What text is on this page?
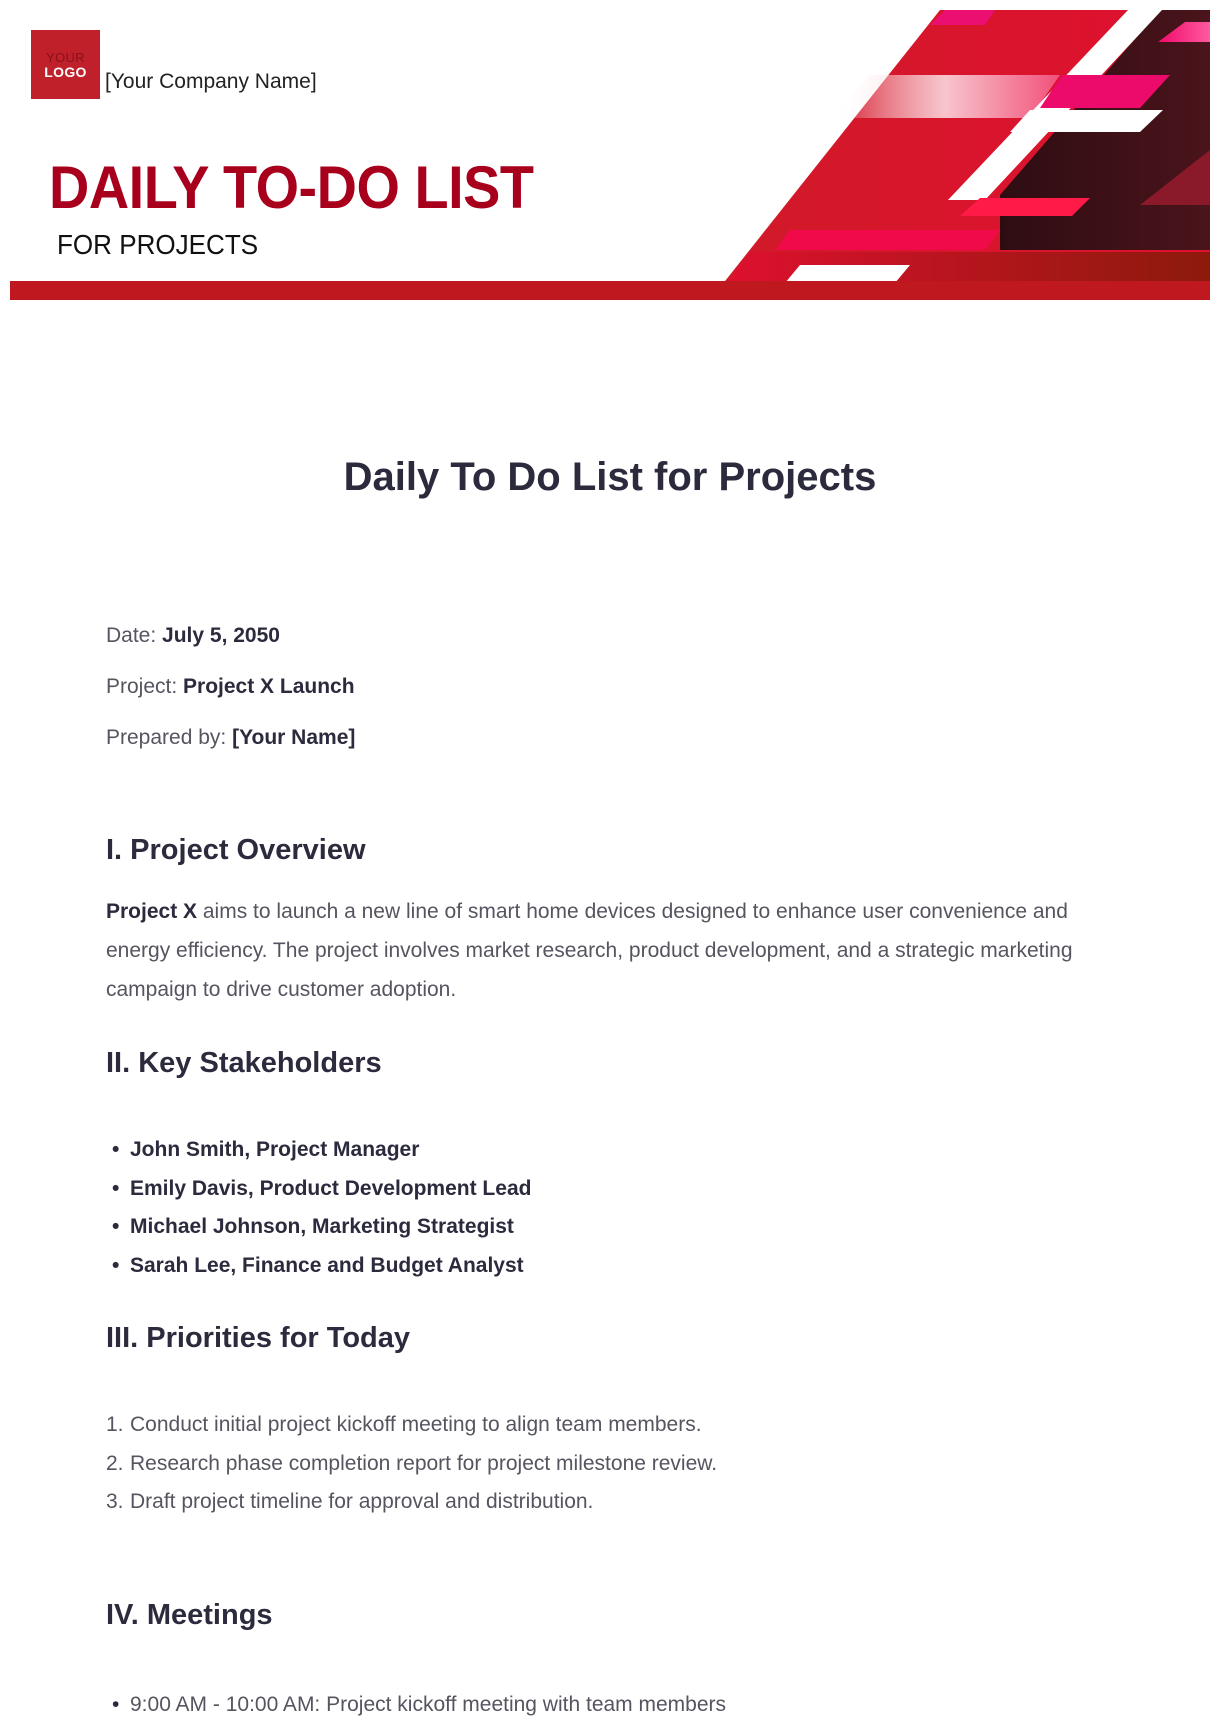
YOUR
LOGO [Your Company Name]
DAILY TO-DO LIST
FOR PROJECTS
Daily To Do List for Projects
Date: July 5, 2050
Project: Project X Launch
Prepared by: [Your Name]
I. Project Overview

Project X aims to launch a new line of smart home devices designed to enhance user convenience and energy efficiency. The project involves market research, product development, and a strategic marketing campaign to drive customer adoption.

II. Key Stakeholders
• John Smith, Project Manager
• Emily Davis, Product Development Lead
• Michael Johnson, Marketing Strategist
• Sarah Lee, Finance and Budget Analyst
III. Priorities for Today
1. Conduct initial project kickoff meeting to align team members.
2. Research phase completion report for project milestone review.
3. Draft project timeline for approval and distribution.
IV. Meetings
• 9:00 AM - 10:00 AM: Project kickoff meeting with team members
